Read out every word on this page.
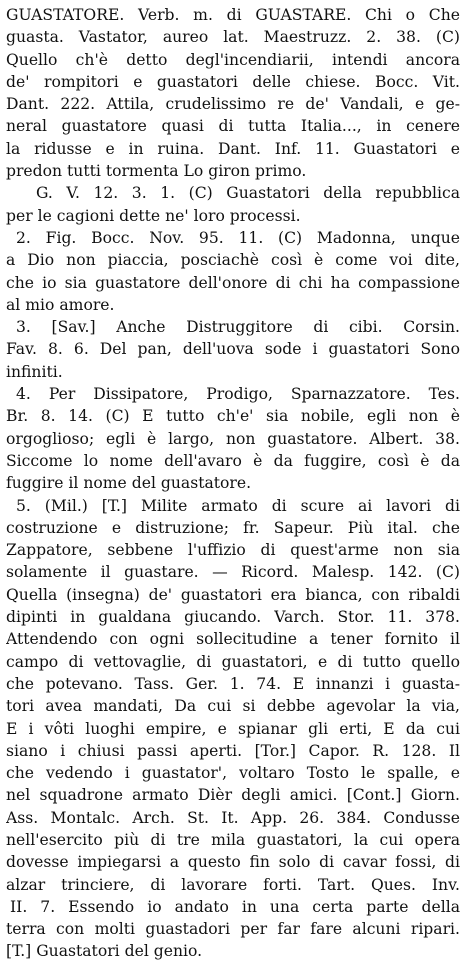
GUASTATORE. Verb. m. di GUASTARE. Chi o Che
guasta. Vastator, aureo lat. Maestruzz. 2. 38. (C)
Quello ch'è detto degl'incendiarii, intendi ancora
de' rompitori e guastatori delle chiese. Bocc. Vit.
Dant. 222. Attila, crudelissimo re de' Vandali, e ge-
neral guastatore quasi di tutta Italia..., in cenere
la ridusse e in ruina. Dant. Inf. 11. Guastatori e
predon tutti tormenta Lo giron primo.
G. V. 12. 3. 1. (C) Guastatori della repubblica
per le cagioni dette ne' loro processi.
2. Fig. Bocc. Nov. 95. 11. (C) Madonna, unque
a Dio non piaccia, posciachè così è come voi dite,
che io sia guastatore dell'onore di chi ha compassione
al mio amore.
3. [Sav.] Anche Distruggitore di cibi. Corsin.
Fav. 8. 6. Del pan, dell'uova sode i guastatori Sono
infiniti.
4. Per Dissipatore, Prodigo, Sparnazzatore. Tes.
Br. 8. 14. (C) E tutto ch'e' sia nobile, egli non è
orgoglioso; egli è largo, non guastatore. Albert. 38.
Siccome lo nome dell'avaro è da fuggire, così è da
fuggire il nome del guastatore.
5. (Mil.) [T.] Milite armato di scure ai lavori di
costruzione e distruzione; fr. Sapeur. Più ital. che
Zappatore, sebbene l'uffizio di quest'arme non sia
solamente il guastare. — Ricord. Malesp. 142. (C)
Quella (insegna) de' guastatori era bianca, con ribaldi
dipinti in gualdana giucando. Varch. Stor. 11. 378.
Attendendo con ogni sollecitudine a tener fornito il
campo di vettovaglie, di guastatori, e di tutto quello
che potevano. Tass. Ger. 1. 74. E innanzi i guasta-
tori avea mandati, Da cui si debbe agevolar la via,
E i vôti luoghi empire, e spianar gli erti, E da cui
siano i chiusi passi aperti. [Tor.] Capor. R. 128. Il
che vedendo i guastator', voltaro Tosto le spalle, e
nel squadrone armato Dièr degli amici. [Cont.] Giorn.
Ass. Montalc. Arch. St. It. App. 26. 384. Condusse
nell'esercito più di tre mila guastatori, la cui opera
dovesse impiegarsi a questo fin solo di cavar fossi, di
alzar trinciere, di lavorare forti. Tart. Ques. Inv.
II. 7. Essendo io andato in una certa parte della
terra con molti guastadori per far fare alcuni ripari.
[T.] Guastatori del genio.
